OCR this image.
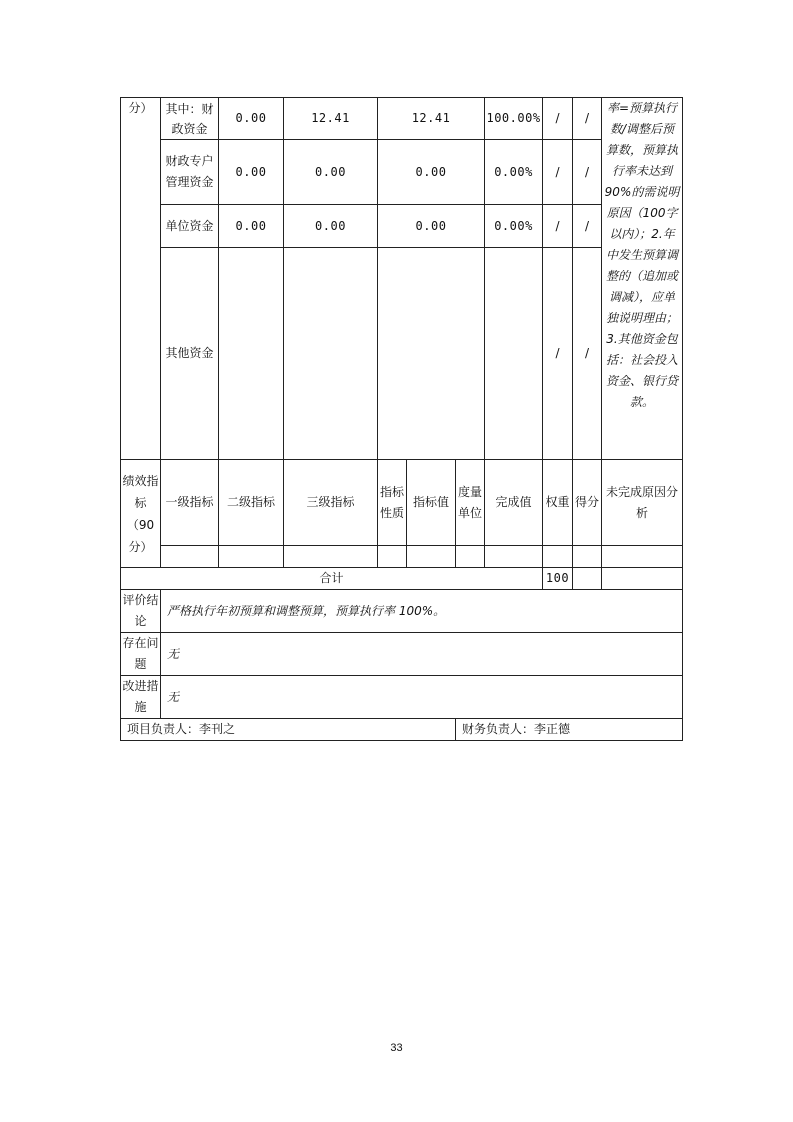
分）	其中：财政资金	0.00	12.41	12.41			100.00%	/	/	率=预算执行数/调整后预算数，预算执行率未达到90%的需说明原因（100字以内）；2.年中发生预算调整的（追加或调减），应单独说明理由；3.其他资金包括：社会投入资金、银行贷款。
	财政专户管理资金	0.00	0.00	0.00			0.00%	/	/	
	单位资金	0.00	0.00	0.00			0.00%	/	/	
	其他资金							/	/	
绩效指标（90分）	一级指标	二级指标	三级指标	指标性质	指标值	度量单位	完成值	权重	得分	未完成原因分析

合计								100		
评价结论	严格执行年初预算和调整预算，预算执行率 100%。									
存在问题	无									
改进措施	无									
项目负责人：李刊之						财务负责人：李正德				
33
